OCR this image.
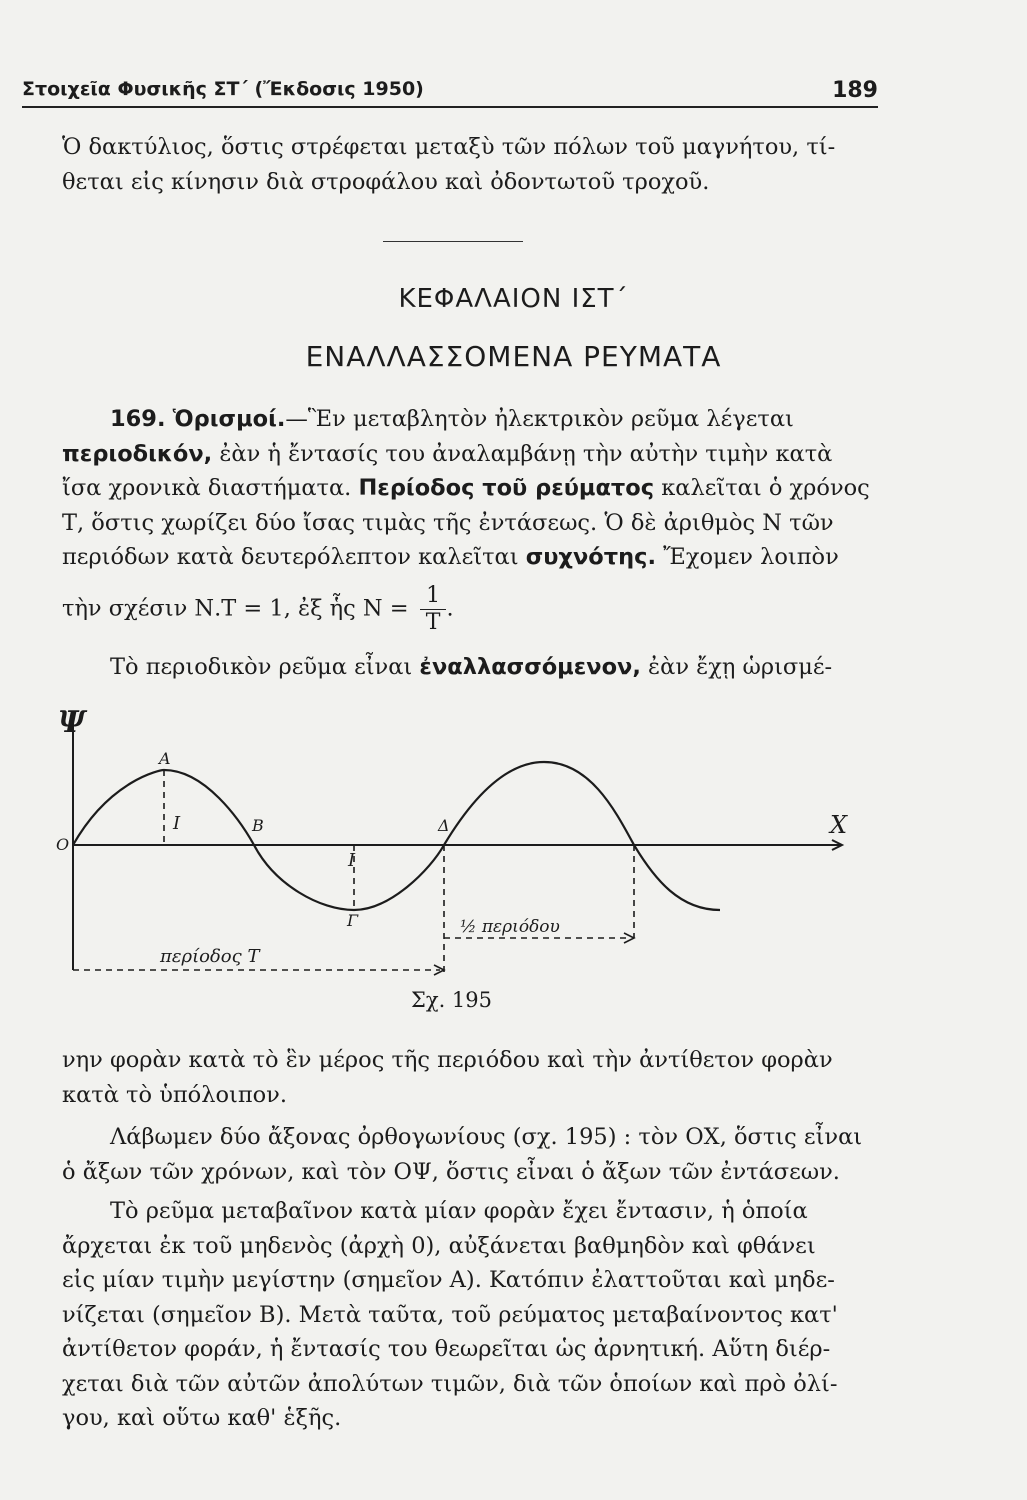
Στοιχεῖα Φυσικῆς ΣΤ΄ (Ἔκδοσις 1950)	189
Ὁ δακτύλιος, ὅστις στρέφεται μεταξὺ τῶν πόλων τοῦ μαγνήτου, τί-
θεται εἰς κίνησιν διὰ στροφάλου καὶ ὀδοντωτοῦ τροχοῦ.
ΚΕΦΑΛΑΙΟΝ ΙΣΤ΄
ΕΝΑΛΛΑΣΣΟΜΕΝΑ ΡΕΥΜΑΤΑ
169. Ὁρισμοί.—Ἓν μεταβλητὸν ἠλεκτρικὸν ρεῦμα λέγεται
περιοδικόν, ἐὰν ἡ ἔντασίς του ἀναλαμβάνῃ τὴν αὐτὴν τιμὴν κατὰ
ἴσα χρονικὰ διαστήματα. Περίοδος τοῦ ρεύματος καλεῖται ὁ χρόνος
Τ, ὅστις χωρίζει δύο ἴσας τιμὰς τῆς ἐντάσεως. Ὁ δὲ ἀριθμὸς Ν τῶν
περιόδων κατὰ δευτερόλεπτον καλεῖται συχνότης. Ἔχομεν λοιπὸν
τὴν σχέσιν Ν.Τ = 1, ἐξ ἧς $N = \frac{1}{T}$ .
Τὸ περιοδικὸν ρεῦμα εἶναι ἐναλλασσόμενον, ἐὰν ἔχῃ ὡρισμέ-
Ψ
Χ
Ο
Α
Β
Γ
Δ
Ι
Ι
½ περιόδου
περίοδος Τ
Σχ. 195
νην φορὰν κατὰ τὸ ἓν μέρος τῆς περιόδου καὶ τὴν ἀντίθετον φορὰν
κατὰ τὸ ὑπόλοιπον.
Λάβωμεν δύο ἄξονας ὀρθογωνίους (σχ. 195) : τὸν ΟΧ, ὅστις εἶναι
ὁ ἄξων τῶν χρόνων, καὶ τὸν ΟΨ, ὅστις εἶναι ὁ ἄξων τῶν ἐντάσεων.
Τὸ ρεῦμα μεταβαῖνον κατὰ μίαν φορὰν ἔχει ἔντασιν, ἡ ὁποία
ἄρχεται ἐκ τοῦ μηδενὸς (ἀρχὴ 0), αὐξάνεται βαθμηδὸν καὶ φθάνει
εἰς μίαν τιμὴν μεγίστην (σημεῖον Α). Κατόπιν ἐλαττοῦται καὶ μηδε-
νίζεται (σημεῖον Β). Μετὰ ταῦτα, τοῦ ρεύματος μεταβαίνοντος κατ'
ἀντίθετον φοράν, ἡ ἔντασίς του θεωρεῖται ὡς ἀρνητική. Αὕτη διέρ-
χεται διὰ τῶν αὐτῶν ἀπολύτων τιμῶν, διὰ τῶν ὁποίων καὶ πρὸ ὀλί-
γου, καὶ οὕτω καθ' ἑξῆς.
